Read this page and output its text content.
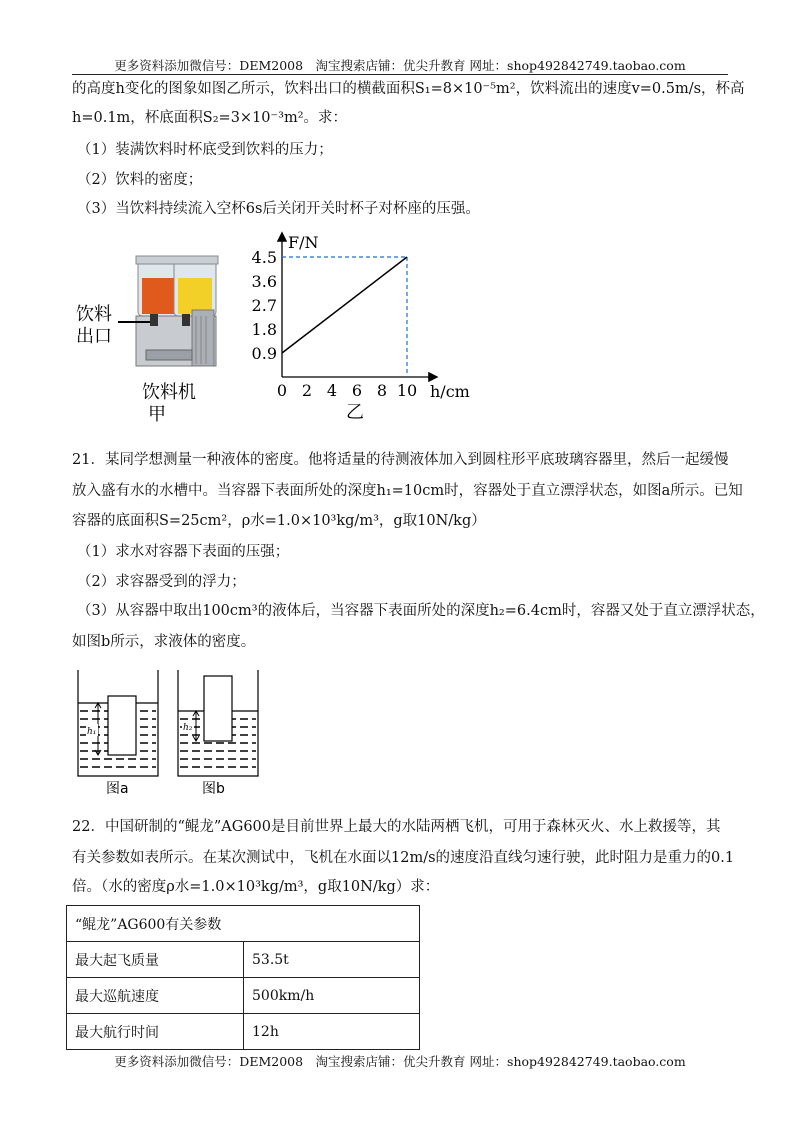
更多资料添加微信号：DEM2008　淘宝搜索店铺：优尖升教育 网址：shop492842749.taobao.com
的高度h变化的图象如图乙所示，饮料出口的横截面积S₁=8×10⁻⁵m²，饮料流出的速度v=0.5m/s，杯高
h=0.1m，杯底面积S₂=3×10⁻³m²。求：
（1）装满饮料时杯底受到饮料的压力；
（2）饮料的密度；
（3）当饮料持续流入空杯6s后关闭开关时杯子对杯座的压强。
饮料
出口
饮料机
甲
F/N
h/cm
0 2 4 6 8 10
0.9
1.8
2.7
3.6
4.5
乙
21．某同学想测量一种液体的密度。他将适量的待测液体加入到圆柱形平底玻璃容器里，然后一起缓慢
放入盛有水的水槽中。当容器下表面所处的深度h₁=10cm时，容器处于直立漂浮状态，如图a所示。已知
容器的底面积S=25cm²，ρ水=1.0×10³kg/m³，g取10N/kg）
（1）求水对容器下表面的压强；
（2）求容器受到的浮力；
（3）从容器中取出100cm³的液体后，当容器下表面所处的深度h₂=6.4cm时，容器又处于直立漂浮状态，
如图b所示，求液体的密度。
h₁
图a
h₂
图b
22．中国研制的“鲲龙”AG600是目前世界上最大的水陆两栖飞机，可用于森林灭火、水上救援等，其
有关参数如表所示。在某次测试中，飞机在水面以12m/s的速度沿直线匀速行驶，此时阻力是重力的0.1
倍。（水的密度ρ水=1.0×10³kg/m³，g取10N/kg）求：
“鲲龙”AG600有关参数	
最大起飞质量	53.5t
最大巡航速度	500km/h
最大航行时间	12h
更多资料添加微信号：DEM2008　淘宝搜索店铺：优尖升教育 网址：shop492842749.taobao.com
